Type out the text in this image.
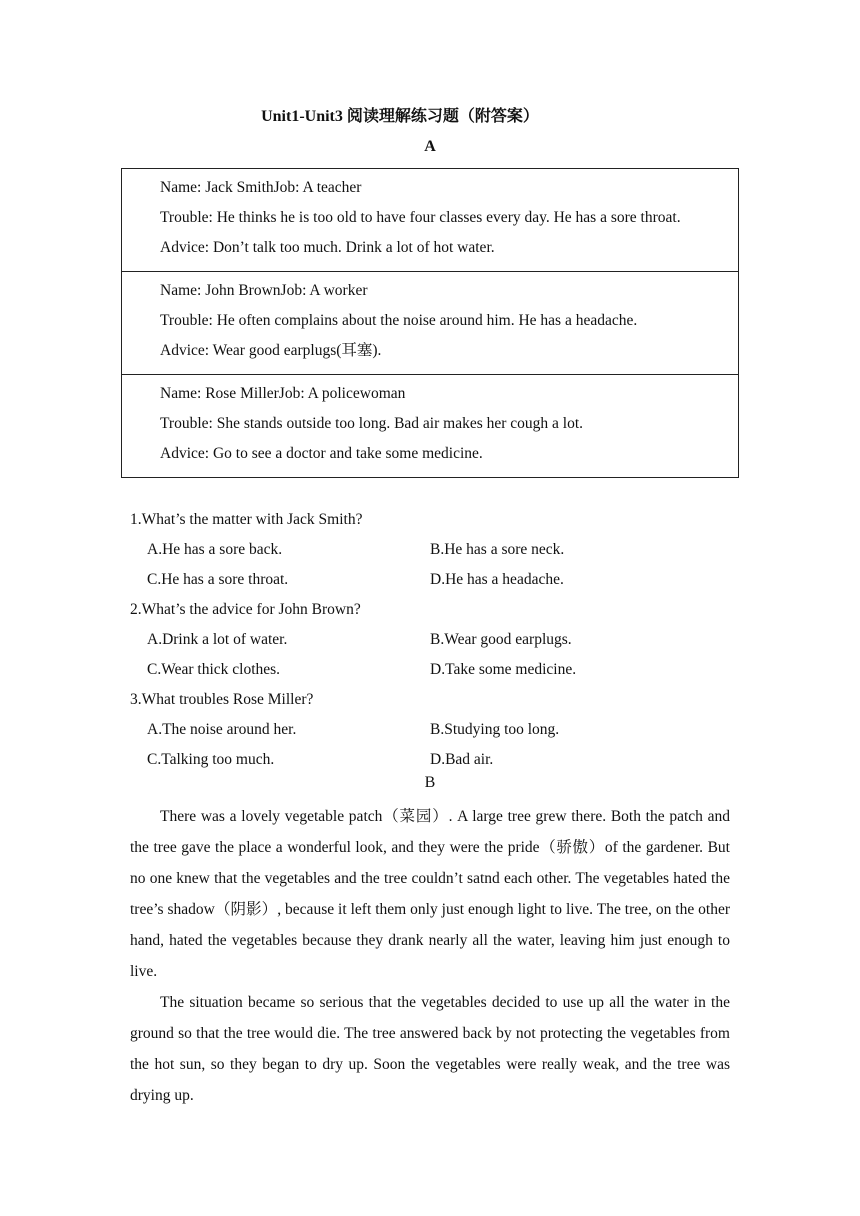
Unit1-Unit3 阅读理解练习题（附答案）
A
Name: Jack SmithJob: A teacher
Trouble: He thinks he is too old to have four classes every day. He has a sore throat.
Advice: Don’t talk too much. Drink a lot of hot water.
Name: John BrownJob: A worker
Trouble: He often complains about the noise around him. He has a headache.
Advice: Wear good earplugs(耳塞).
Name: Rose MillerJob: A policewoman
Trouble: She stands outside too long. Bad air makes her cough a lot.
Advice: Go to see a doctor and take some medicine.
1.What’s the matter with Jack Smith?
A.He has a sore back.	B.He has a sore neck.
C.He has a sore throat.	D.He has a headache.
2.What’s the advice for John Brown?
A.Drink a lot of water.	B.Wear good earplugs.
C.Wear thick clothes.	D.Take some medicine.
3.What troubles Rose Miller?
A.The noise around her.	B.Studying too long.
C.Talking too much.	D.Bad air.
B

There was a lovely vegetable patch（菜园）. A large tree grew there. Both the patch and the tree gave the place a wonderful look, and they were the pride（骄傲）of the gardener. But no one knew that the vegetables and the tree couldn’t satnd each other. The vegetables hated the tree’s shadow（阴影）, because it left them only just enough light to live. The tree, on the other hand, hated the vegetables because they drank nearly all the water, leaving him just enough to live.

The situation became so serious that the vegetables decided to use up all the water in the ground so that the tree would die. The tree answered back by not protecting the vegetables from the hot sun, so they began to dry up. Soon the vegetables were really weak, and the tree was drying up.
